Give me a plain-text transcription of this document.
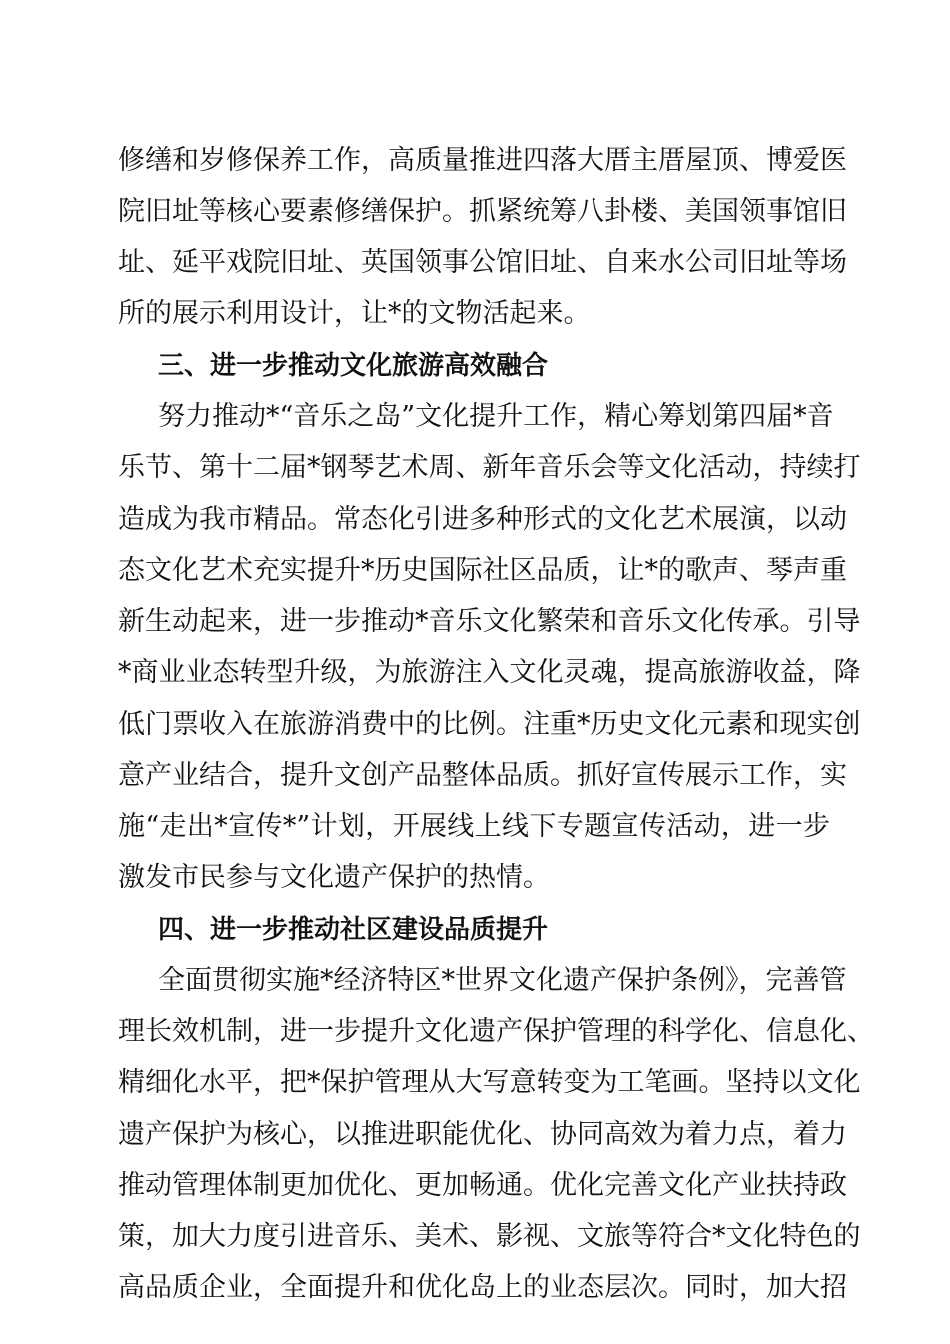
修缮和岁修保养工作，高质量推进四落大厝主厝屋顶、博爱医
院旧址等核心要素修缮保护。抓紧统筹八卦楼、美国领事馆旧
址、延平戏院旧址、英国领事公馆旧址、自来水公司旧址等场
所的展示利用设计，让*的文物活起来。
三、进一步推动文化旅游高效融合
努力推动*“音乐之岛”文化提升工作，精心筹划第四届*音
乐节、第十二届*钢琴艺术周、新年音乐会等文化活动，持续打
造成为我市精品。常态化引进多种形式的文化艺术展演，以动
态文化艺术充实提升*历史国际社区品质，让*的歌声、琴声重
新生动起来，进一步推动*音乐文化繁荣和音乐文化传承。引导
*商业业态转型升级，为旅游注入文化灵魂，提高旅游收益，降
低门票收入在旅游消费中的比例。注重*历史文化元素和现实创
意产业结合，提升文创产品整体品质。抓好宣传展示工作，实
施“走出*宣传*”计划，开展线上线下专题宣传活动，进一步
激发市民参与文化遗产保护的热情。
四、进一步推动社区建设品质提升
全面贯彻实施*经济特区*世界文化遗产保护条例》，完善管
理长效机制，进一步提升文化遗产保护管理的科学化、信息化、
精细化水平，把*保护管理从大写意转变为工笔画。坚持以文化
遗产保护为核心，以推进职能优化、协同高效为着力点，着力
推动管理体制更加优化、更加畅通。优化完善文化产业扶持政
策，加大力度引进音乐、美术、影视、文旅等符合*文化特色的
高品质企业，全面提升和优化岛上的业态层次。同时，加大招
